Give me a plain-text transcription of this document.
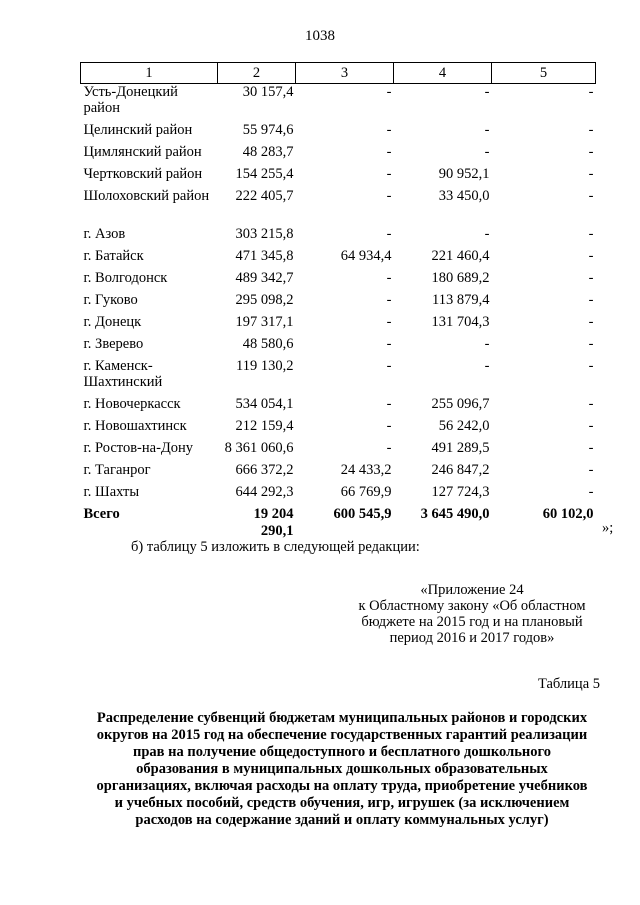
1038
1	2	3	4	5
Усть-Донецкий район	30 157,4	-	-	-
Целинский район	55 974,6	-	-	-
Цимлянский район	48 283,7	-	-	-
Чертковский район	154 255,4	-	90 952,1	-
Шолоховский район	222 405,7	-	33 450,0	-
г. Азов	303 215,8	-	-	-
г. Батайск	471 345,8	64 934,4	221 460,4	-
г. Волгодонск	489 342,7	-	180 689,2	-
г. Гуково	295 098,2	-	113 879,4	-
г. Донецк	197 317,1	-	131 704,3	-
г. Зверево	48 580,6	-	-	-
г. Каменск-Шахтинский	119 130,2	-	-	-
г. Новочеркасск	534 054,1	-	255 096,7	-
г. Новошахтинск	212 159,4	-	56 242,0	-
г. Ростов-на-Дону	8 361 060,6	-	491 289,5	-
г. Таганрог	666 372,2	24 433,2	246 847,2	-
г. Шахты	644 292,3	66 769,9	127 724,3	-
Всего	19 204 290,1	600 545,9	3 645 490,0	60 102,0
»;
б) таблицу 5 изложить в следующей редакции:
«Приложение 24
к Областному закону «Об областном
бюджете на 2015 год и на плановый
период 2016 и 2017 годов»
Таблица 5
Распределение субвенций бюджетам муниципальных районов и городских
округов на 2015 год на обеспечение государственных гарантий реализации
прав на получение общедоступного и бесплатного дошкольного
образования в муниципальных дошкольных образовательных
организациях, включая расходы на оплату труда, приобретение учебников
и учебных пособий, средств обучения, игр, игрушек (за исключением
расходов на содержание зданий и оплату коммунальных услуг)
